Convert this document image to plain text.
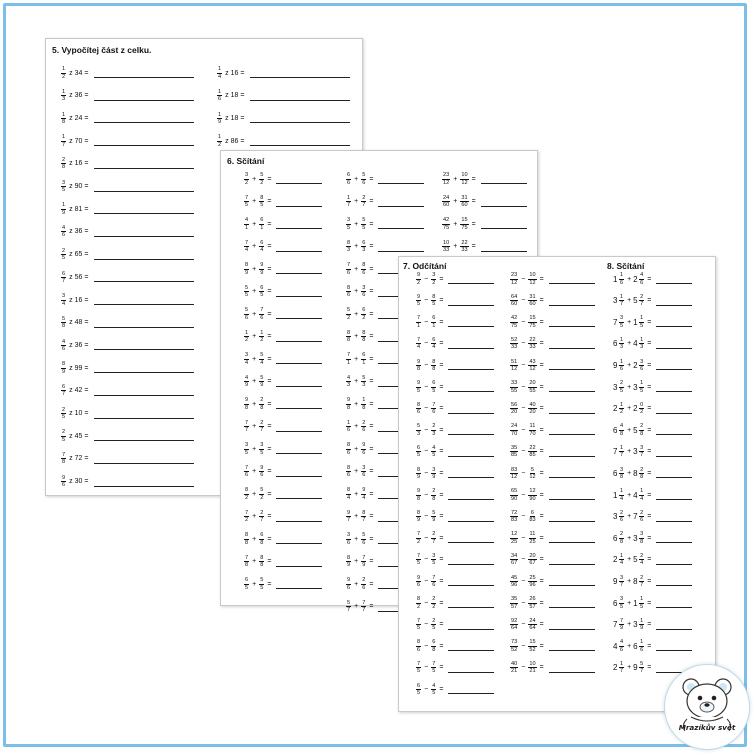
5. Vypočítej část z celku.
$\frac{1}{2}$ z 34 =
$\frac{1}{3}$ z 36 =
$\frac{1}{8}$ z 24 =
$\frac{1}{7}$ z 70 =
$\frac{2}{8}$ z 16 =
$\frac{3}{5}$ z 90 =
$\frac{1}{9}$ z 81 =
$\frac{4}{6}$ z 36 =
$\frac{2}{5}$ z 65 =
$\frac{6}{7}$ z 56 =
$\frac{3}{4}$ z 16 =
$\frac{5}{8}$ z 48 =
$\frac{4}{6}$ z 36 =
$\frac{8}{9}$ z 99 =
$\frac{6}{7}$ z 42 =
$\frac{2}{5}$ z 10 =
$\frac{2}{5}$ z 45 =
$\frac{7}{8}$ z 72 =
$\frac{9}{6}$ z 30 =
$\frac{1}{4}$ z 16 =
$\frac{1}{6}$ z 18 =
$\frac{1}{9}$ z 18 =
$\frac{1}{2}$ z 86 =
6. Sčítání
$\frac{3}{2} + \frac{5}{2}$ =
$\frac{7}{5} + \frac{8}{5}$ =
$\frac{4}{1} + \frac{6}{1}$ =
$\frac{7}{4} + \frac{6}{4}$ =
$\frac{8}{9} + \frac{9}{9}$ =
$\frac{5}{5} + \frac{6}{5}$ =
$\frac{5}{6} + \frac{7}{6}$ =
$\frac{1}{2} + \frac{1}{2}$ =
$\frac{3}{4} + \frac{5}{4}$ =
$\frac{4}{9} + \frac{5}{9}$ =
$\frac{9}{8} + \frac{2}{8}$ =
$\frac{7}{7} + \frac{2}{7}$ =
$\frac{3}{5} + \frac{3}{5}$ =
$\frac{7}{6} + \frac{9}{6}$ =
$\frac{8}{2} + \frac{5}{2}$ =
$\frac{7}{2} + \frac{2}{7}$ =
$\frac{8}{8} + \frac{6}{8}$ =
$\frac{7}{8} + \frac{8}{8}$ =
$\frac{6}{5} + \frac{5}{5}$ =
$\frac{6}{6} + \frac{5}{6}$ =
$\frac{1}{7} + \frac{2}{7}$ =
$\frac{3}{5} + \frac{5}{5}$ =
$\frac{8}{3} + \frac{6}{3}$ =
$\frac{7}{6} + \frac{8}{6}$ =
$\frac{8}{6} + \frac{3}{6}$ =
$\frac{5}{2} + \frac{6}{2}$ =
$\frac{8}{8} + \frac{8}{8}$ =
$\frac{7}{1} + \frac{6}{1}$ =
$\frac{4}{3} + \frac{5}{3}$ =
$\frac{9}{8} + \frac{1}{8}$ =
$\frac{1}{6} + \frac{2}{6}$ =
$\frac{8}{6} + \frac{9}{6}$ =
$\frac{8}{6} + \frac{3}{6}$ =
$\frac{8}{4} + \frac{9}{4}$ =
$\frac{9}{7} + \frac{8}{7}$ =
$\frac{3}{6} + \frac{5}{6}$ =
$\frac{8}{9} + \frac{7}{9}$ =
$\frac{9}{6} + \frac{2}{6}$ =
$\frac{5}{7} + \frac{7}{7}$ =
$\frac{23}{12} + \frac{10}{12}$ =
$\frac{24}{60} + \frac{31}{60}$ =
$\frac{42}{75} + \frac{15}{75}$ =
$\frac{10}{33} + \frac{22}{33}$ =
7. Odčítání	8. Sčítání
$\frac{9}{2} - \frac{3}{2}$ =
$\frac{9}{5} - \frac{8}{5}$ =
$\frac{7}{1} - \frac{6}{1}$ =
$\frac{7}{4} - \frac{6}{4}$ =
$\frac{9}{8} - \frac{8}{8}$ =
$\frac{9}{5} - \frac{6}{5}$ =
$\frac{8}{6} - \frac{7}{6}$ =
$\frac{5}{3} - \frac{2}{3}$ =
$\frac{6}{5} - \frac{4}{5}$ =
$\frac{8}{9} - \frac{3}{9}$ =
$\frac{9}{8} - \frac{2}{8}$ =
$\frac{8}{9} - \frac{5}{9}$ =
$\frac{7}{2} - \frac{2}{7}$ =
$\frac{7}{5} - \frac{3}{5}$ =
$\frac{9}{6} - \frac{7}{6}$ =
$\frac{8}{2} - \frac{2}{2}$ =
$\frac{7}{5} - \frac{2}{5}$ =
$\frac{8}{6} - \frac{6}{8}$ =
$\frac{7}{5} - \frac{7}{5}$ =
$\frac{6}{5} - \frac{4}{5}$ =
$\frac{23}{12} - \frac{10}{12}$ =
$\frac{64}{60} - \frac{31}{60}$ =
$\frac{42}{75} - \frac{15}{75}$ =
$\frac{52}{33} - \frac{22}{33}$ =
$\frac{51}{12} - \frac{43}{12}$ =
$\frac{33}{55} - \frac{20}{55}$ =
$\frac{56}{20} - \frac{40}{20}$ =
$\frac{24}{70} - \frac{11}{70}$ =
$\frac{35}{85} - \frac{22}{85}$ =
$\frac{83}{12} - \frac{5}{12}$ =
$\frac{65}{90} - \frac{12}{90}$ =
$\frac{72}{83} - \frac{6}{83}$ =
$\frac{12}{25} - \frac{11}{25}$ =
$\frac{34}{67} - \frac{20}{67}$ =
$\frac{45}{96} - \frac{25}{96}$ =
$\frac{35}{57} - \frac{26}{57}$ =
$\frac{92}{64} - \frac{24}{64}$ =
$\frac{73}{52} - \frac{15}{52}$ =
$\frac{40}{21} - \frac{10}{21}$ =
$1 \frac{1}{6} + 2 \frac{4}{6}$ =
$3 \frac{1}{7} + 5 \frac{2}{7}$ =
$7 \frac{3}{5} + 1 \frac{1}{5}$ =
$6 \frac{1}{3} + 4 \frac{1}{3}$ =
$9 \frac{1}{6} + 2 \frac{3}{6}$ =
$3 \frac{2}{5} + 3 \frac{1}{5}$ =
$2 \frac{1}{2} + 2 \frac{0}{2}$ =
$6 \frac{4}{8} + 5 \frac{2}{8}$ =
$7 \frac{1}{7} + 3 \frac{3}{7}$ =
$6 \frac{3}{8} + 8 \frac{2}{8}$ =
$1 \frac{1}{4} + 4 \frac{1}{4}$ =
$3 \frac{2}{6} + 7 \frac{2}{6}$ =
$6 \frac{2}{8} + 3 \frac{3}{8}$ =
$2 \frac{1}{4} + 5 \frac{2}{4}$ =
$9 \frac{3}{7} + 8 \frac{2}{7}$ =
$6 \frac{3}{5} + 1 \frac{1}{5}$ =
$7 \frac{7}{9} + 3 \frac{1}{9}$ =
$4 \frac{4}{6} + 6 \frac{1}{6}$ =
$2 \frac{1}{7} + 9 \frac{5}{7}$ =
Mrazíkův svět
